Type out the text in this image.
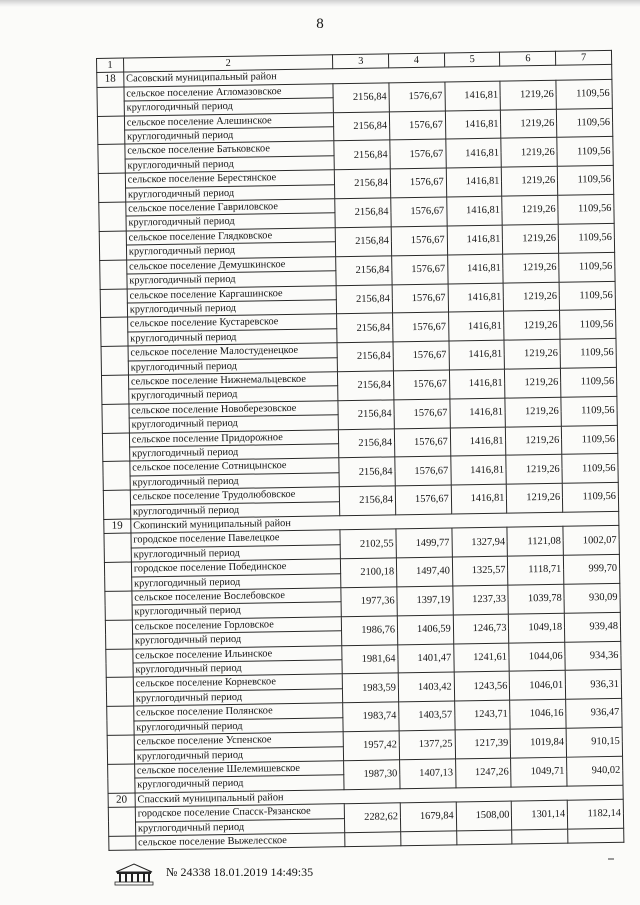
8
1	2	3	4	5	6	7
18	Сасовский муниципальный район					
	сельское поселение Агломазовское	2156,84	1576,67	1416,81	1219,26	1109,56
	круглогодичный период					
	сельское поселение Алешинское	2156,84	1576,67	1416,81	1219,26	1109,56
	круглогодичный период					
	сельское поселение Батьковское	2156,84	1576,67	1416,81	1219,26	1109,56
	круглогодичный период					
	сельское поселение Берестянское	2156,84	1576,67	1416,81	1219,26	1109,56
	круглогодичный период					
	сельское поселение Гавриловское	2156,84	1576,67	1416,81	1219,26	1109,56
	круглогодичный период					
	сельское поселение Глядковское	2156,84	1576,67	1416,81	1219,26	1109,56
	круглогодичный период					
	сельское поселение Демушкинское	2156,84	1576,67	1416,81	1219,26	1109,56
	круглогодичный период					
	сельское поселение Каргашинское	2156,84	1576,67	1416,81	1219,26	1109,56
	круглогодичный период					
	сельское поселение Кустаревское	2156,84	1576,67	1416,81	1219,26	1109,56
	круглогодичный период					
	сельское поселение Малостуденецкое	2156,84	1576,67	1416,81	1219,26	1109,56
	круглогодичный период					
	сельское поселение Нижнемальцевское	2156,84	1576,67	1416,81	1219,26	1109,56
	круглогодичный период					
	сельское поселение Новоберезовское	2156,84	1576,67	1416,81	1219,26	1109,56
	круглогодичный период					
	сельское поселение Придорожное	2156,84	1576,67	1416,81	1219,26	1109,56
	круглогодичный период					
	сельское поселение Сотницынское	2156,84	1576,67	1416,81	1219,26	1109,56
	круглогодичный период					
	сельское поселение Трудолюбовское	2156,84	1576,67	1416,81	1219,26	1109,56
	круглогодичный период					
19	Скопинский муниципальный район					
	городское поселение Павелецкое	2102,55	1499,77	1327,94	1121,08	1002,07
	круглогодичный период					
	городское поселение Побединское	2100,18	1497,40	1325,57	1118,71	999,70
	круглогодичный период					
	сельское поселение Вослебовское	1977,36	1397,19	1237,33	1039,78	930,09
	круглогодичный период					
	сельское поселение Горловское	1986,76	1406,59	1246,73	1049,18	939,48
	круглогодичный период					
	сельское поселение Ильинское	1981,64	1401,47	1241,61	1044,06	934,36
	круглогодичный период					
	сельское поселение Корневское	1983,59	1403,42	1243,56	1046,01	936,31
	круглогодичный период					
	сельское поселение Полянское	1983,74	1403,57	1243,71	1046,16	936,47
	круглогодичный период					
	сельское поселение Успенское	1957,42	1377,25	1217,39	1019,84	910,15
	круглогодичный период					
	сельское поселение Шелемишевское	1987,30	1407,13	1247,26	1049,71	940,02
	круглогодичный период					
20	Спасский муниципальный район					
	городское поселение Спасск-Рязанское	2282,62	1679,84	1508,00	1301,14	1182,14
	круглогодичный период					
	сельское поселение Выжелесское					
№ 24338 18.01.2019 14:49:35
